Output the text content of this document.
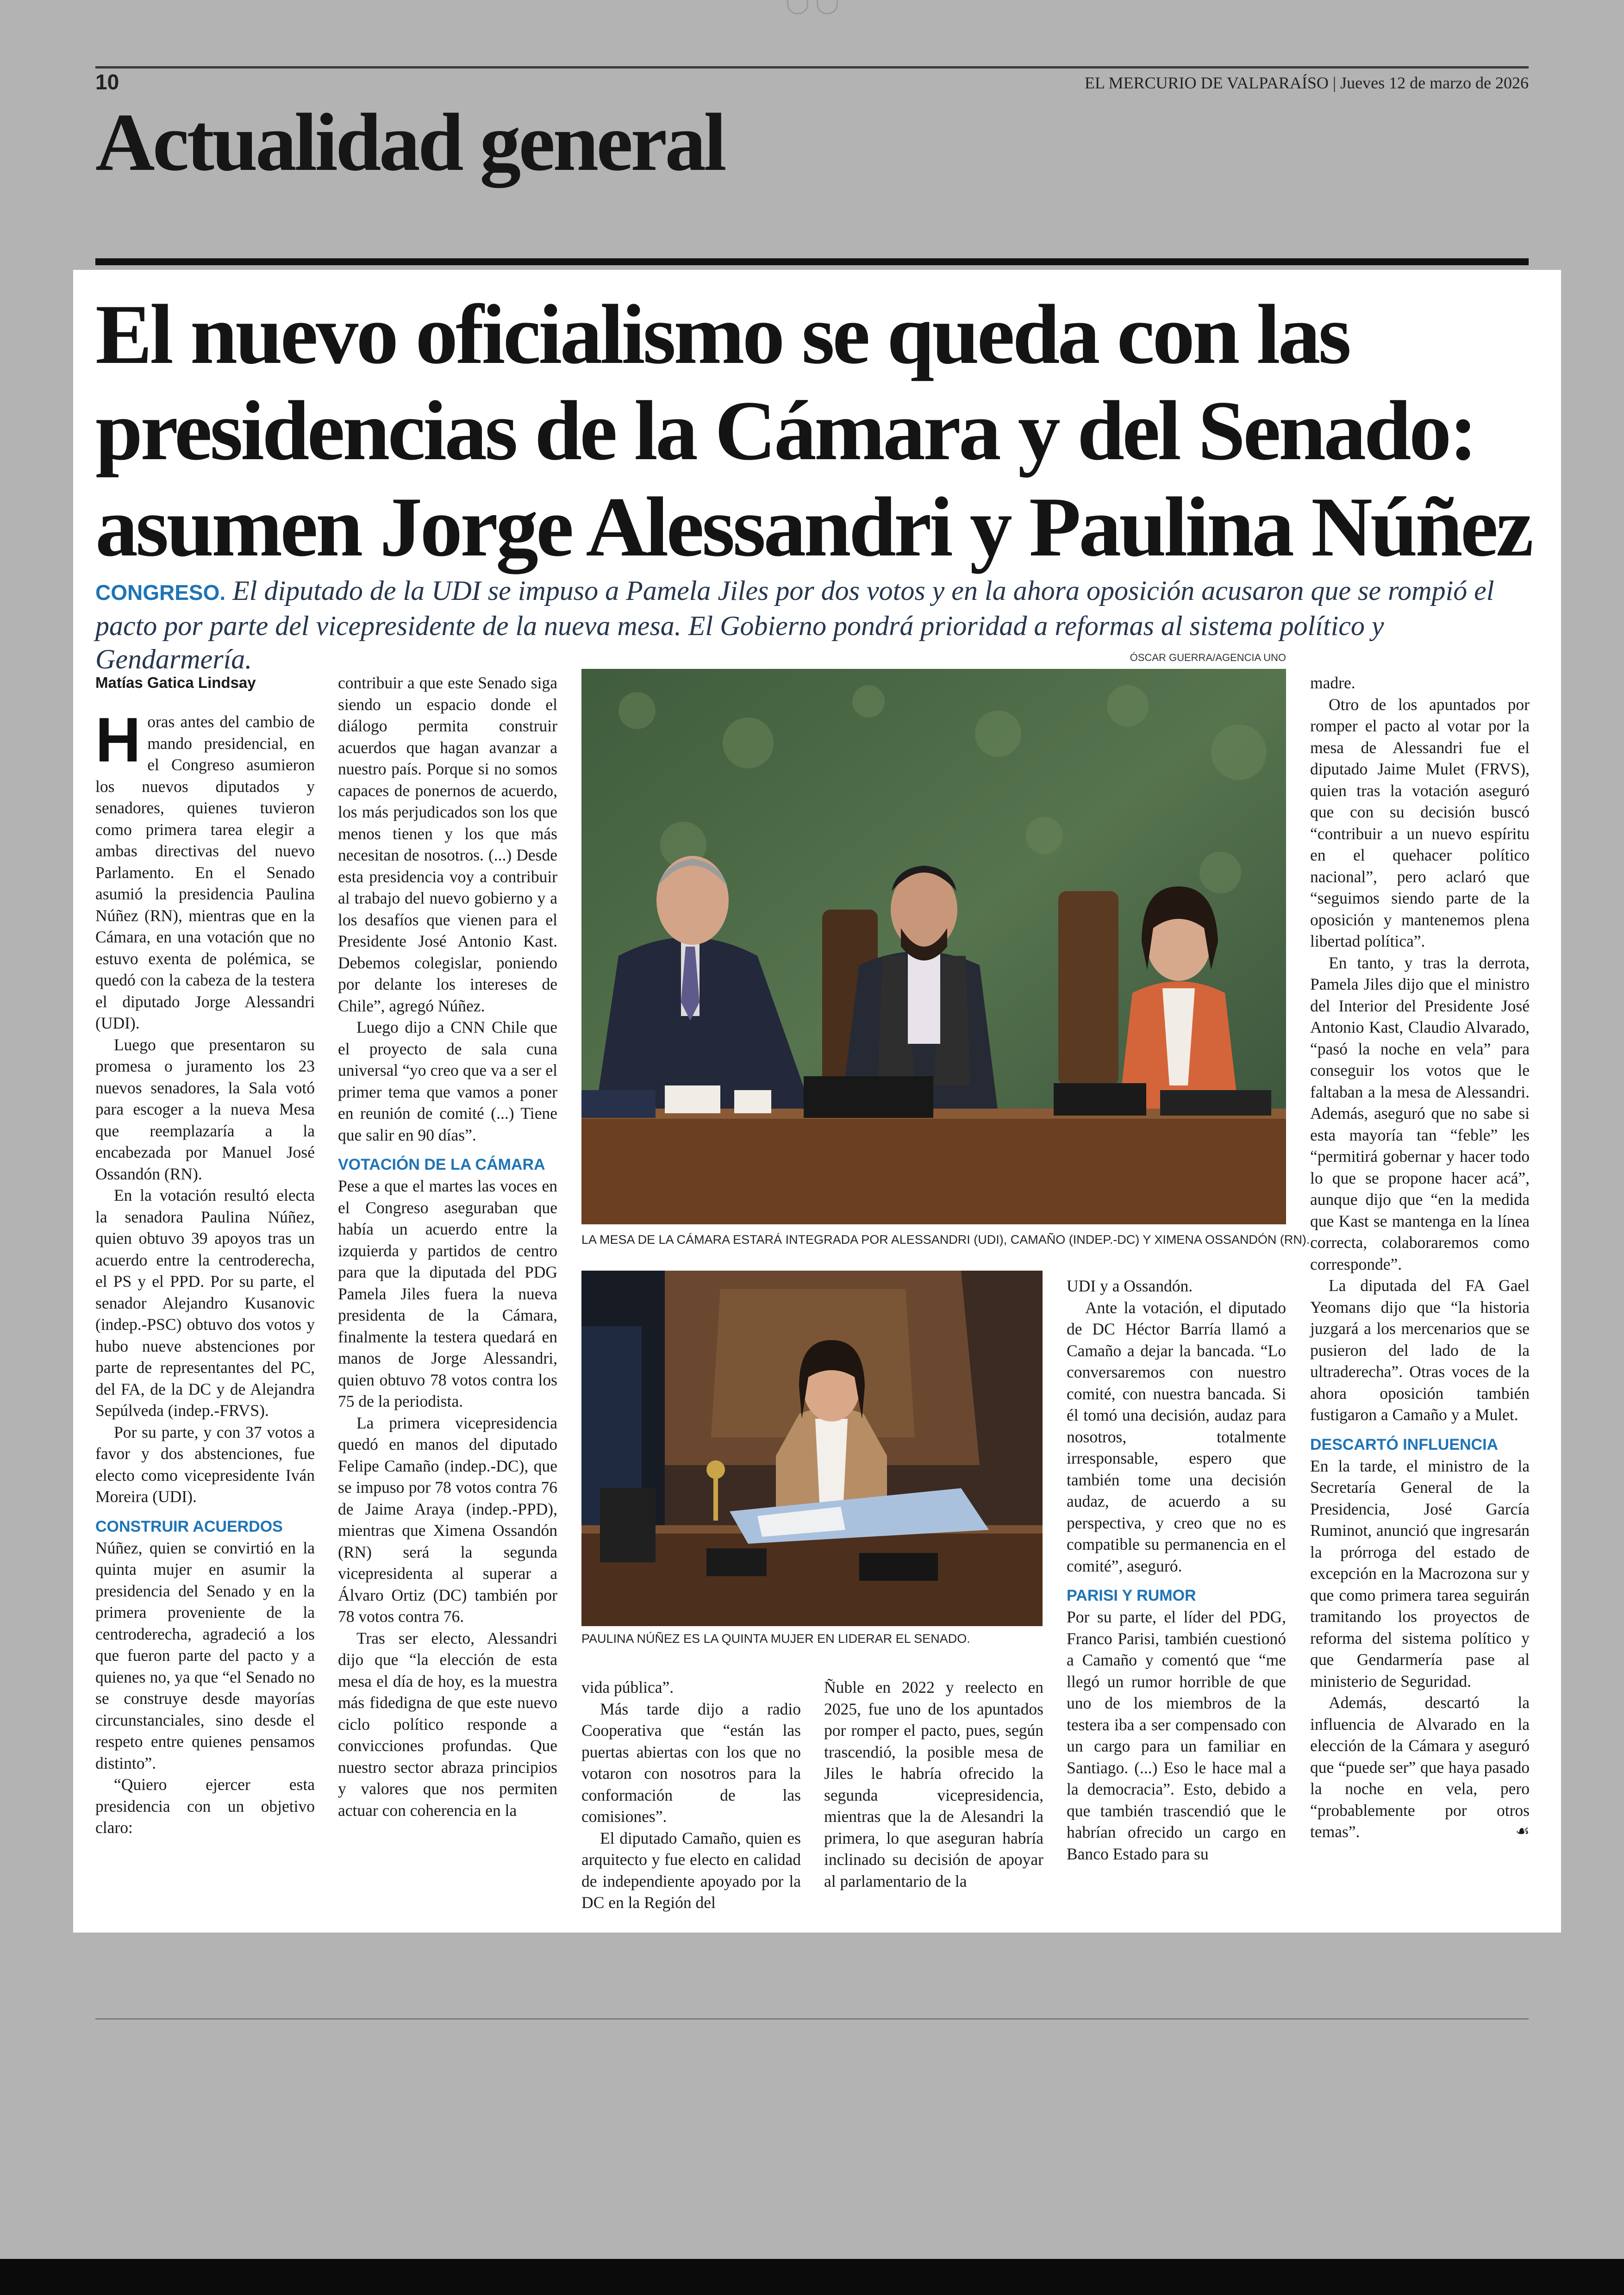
10	EL MERCURIO DE VALPARAÍSO | Jueves 12 de marzo de 2026
Actualidad general
El nuevo oficialismo se queda con las presidencias de la Cámara y del Senado: asumen Jorge Alessandri y Paulina Núñez

CONGRESO. El diputado de la UDI se impuso a Pamela Jiles por dos votos y en la ahora oposición acusaron que se rompió el pacto por parte del vicepresidente de la nueva mesa. El Gobierno pondrá prioridad a reformas al sistema político y Gendarmería.

Matías Gatica Lindsay

Horas antes del cambio de mando presidencial, en el Congreso asumieron los nuevos diputados y senadores, quienes tuvieron como primera tarea elegir a ambas directivas del nuevo Parlamento. En el Senado asumió la presidencia Paulina Núñez (RN), mientras que en la Cámara, en una votación que no estuvo exenta de polémica, se quedó con la cabeza de la testera el diputado Jorge Alessandri (UDI).

Luego que presentaron su promesa o juramento los 23 nuevos senadores, la Sala votó para escoger a la nueva Mesa que reemplazaría a la encabezada por Manuel José Ossandón (RN).

En la votación resultó electa la senadora Paulina Núñez, quien obtuvo 39 apoyos tras un acuerdo entre la centroderecha, el PS y el PPD. Por su parte, el senador Alejandro Kusanovic (indep.-PSC) obtuvo dos votos y hubo nueve abstenciones por parte de representantes del PC, del FA, de la DC y de Alejandra Sepúlveda (indep.-FRVS).

Por su parte, y con 37 votos a favor y dos abstenciones, fue electo como vicepresidente Iván Moreira (UDI).

CONSTRUIR ACUERDOS

Núñez, quien se convirtió en la quinta mujer en asumir la presidencia del Senado y en la primera proveniente de la centroderecha, agradeció a los que fueron parte del pacto y a quienes no, ya que “el Senado no se construye desde mayorías circunstanciales, sino desde el respeto entre quienes pensamos distinto”.

“Quiero ejercer esta presidencia con un objetivo claro:

contribuir a que este Senado siga siendo un espacio donde el diálogo permita construir acuerdos que hagan avanzar a nuestro país. Porque si no somos capaces de ponernos de acuerdo, los más perjudicados son los que menos tienen y los que más necesitan de nosotros. (...) Desde esta presidencia voy a contribuir al trabajo del nuevo gobierno y a los desafíos que vienen para el Presidente José Antonio Kast. Debemos colegislar, poniendo por delante los intereses de Chile”, agregó Núñez.

Luego dijo a CNN Chile que el proyecto de sala cuna universal “yo creo que va a ser el primer tema que vamos a poner en reunión de comité (...) Tiene que salir en 90 días”.

VOTACIÓN DE LA CÁMARA

Pese a que el martes las voces en el Congreso aseguraban que había un acuerdo entre la izquierda y partidos de centro para que la diputada del PDG Pamela Jiles fuera la nueva presidenta de la Cámara, finalmente la testera quedará en manos de Jorge Alessandri, quien obtuvo 78 votos contra los 75 de la periodista.

La primera vicepresidencia quedó en manos del diputado Felipe Camaño (indep.-DC), que se impuso por 78 votos contra 76 de Jaime Araya (indep.-PPD), mientras que Ximena Ossandón (RN) será la segunda vicepresidenta al superar a Álvaro Ortiz (DC) también por 78 votos contra 76.

Tras ser electo, Alessandri dijo que “la elección de esta mesa el día de hoy, es la muestra más fidedigna de que este nuevo ciclo político responde a convicciones profundas. Que nuestro sector abraza principios y valores que nos permiten actuar con coherencia en la

ÓSCAR GUERRA/AGENCIA UNO
LA MESA DE LA CÁMARA ESTARÁ INTEGRADA POR ALESSANDRI (UDI), CAMAÑO (INDEP.-DC) Y XIMENA OSSANDÓN (RN).
PAULINA NÚÑEZ ES LA QUINTA MUJER EN LIDERAR EL SENADO.

vida pública”.

Más tarde dijo a radio Cooperativa que “están las puertas abiertas con los que no votaron con nosotros para la conformación de las comisiones”.

El diputado Camaño, quien es arquitecto y fue electo en calidad de independiente apoyado por la DC en la Región del

Ñuble en 2022 y reelecto en 2025, fue uno de los apuntados por romper el pacto, pues, según trascendió, la posible mesa de Jiles le habría ofrecido la segunda vicepresidencia, mientras que la de Alesandri la primera, lo que aseguran habría inclinado su decisión de apoyar al parlamentario de la

UDI y a Ossandón.

Ante la votación, el diputado de DC Héctor Barría llamó a Camaño a dejar la bancada. “Lo conversaremos con nuestro comité, con nuestra bancada. Si él tomó una decisión, audaz para nosotros, totalmente irresponsable, espero que también tome una decisión audaz, de acuerdo a su perspectiva, y creo que no es compatible su permanencia en el comité”, aseguró.

PARISI Y RUMOR

Por su parte, el líder del PDG, Franco Parisi, también cuestionó a Camaño y comentó que “me llegó un rumor horrible de que uno de los miembros de la testera iba a ser compensado con un cargo para un familiar en Santiago. (...) Eso le hace mal a la democracia”. Esto, debido a que también trascendió que le habrían ofrecido un cargo en Banco Estado para su

madre.

Otro de los apuntados por romper el pacto al votar por la mesa de Alessandri fue el diputado Jaime Mulet (FRVS), quien tras la votación aseguró que con su decisión buscó “contribuir a un nuevo espíritu en el quehacer político nacional”, pero aclaró que “seguimos siendo parte de la oposición y mantenemos plena libertad política”.

En tanto, y tras la derrota, Pamela Jiles dijo que el ministro del Interior del Presidente José Antonio Kast, Claudio Alvarado, “pasó la noche en vela” para conseguir los votos que le faltaban a la mesa de Alessandri. Además, aseguró que no sabe si esta mayoría tan “feble” les “permitirá gobernar y hacer todo lo que se propone hacer acá”, aunque dijo que “en la medida que Kast se mantenga en la línea correcta, colaboraremos como corresponde”.

La diputada del FA Gael Yeomans dijo que “la historia juzgará a los mercenarios que se pusieron del lado de la ultraderecha”. Otras voces de la ahora oposición también fustigaron a Camaño y a Mulet.

DESCARTÓ INFLUENCIA

En la tarde, el ministro de la Secretaría General de la Presidencia, José García Ruminot, anunció que ingresarán la prórroga del estado de excepción en la Macrozona sur y que como primera tarea seguirán tramitando los proyectos de reforma del sistema político y que Gendarmería pase al ministerio de Seguridad.

Además, descartó la influencia de Alvarado en la elección de la Cámara y aseguró que “puede ser” que haya pasado la noche en vela, pero “probablemente por otros temas”.	☙
